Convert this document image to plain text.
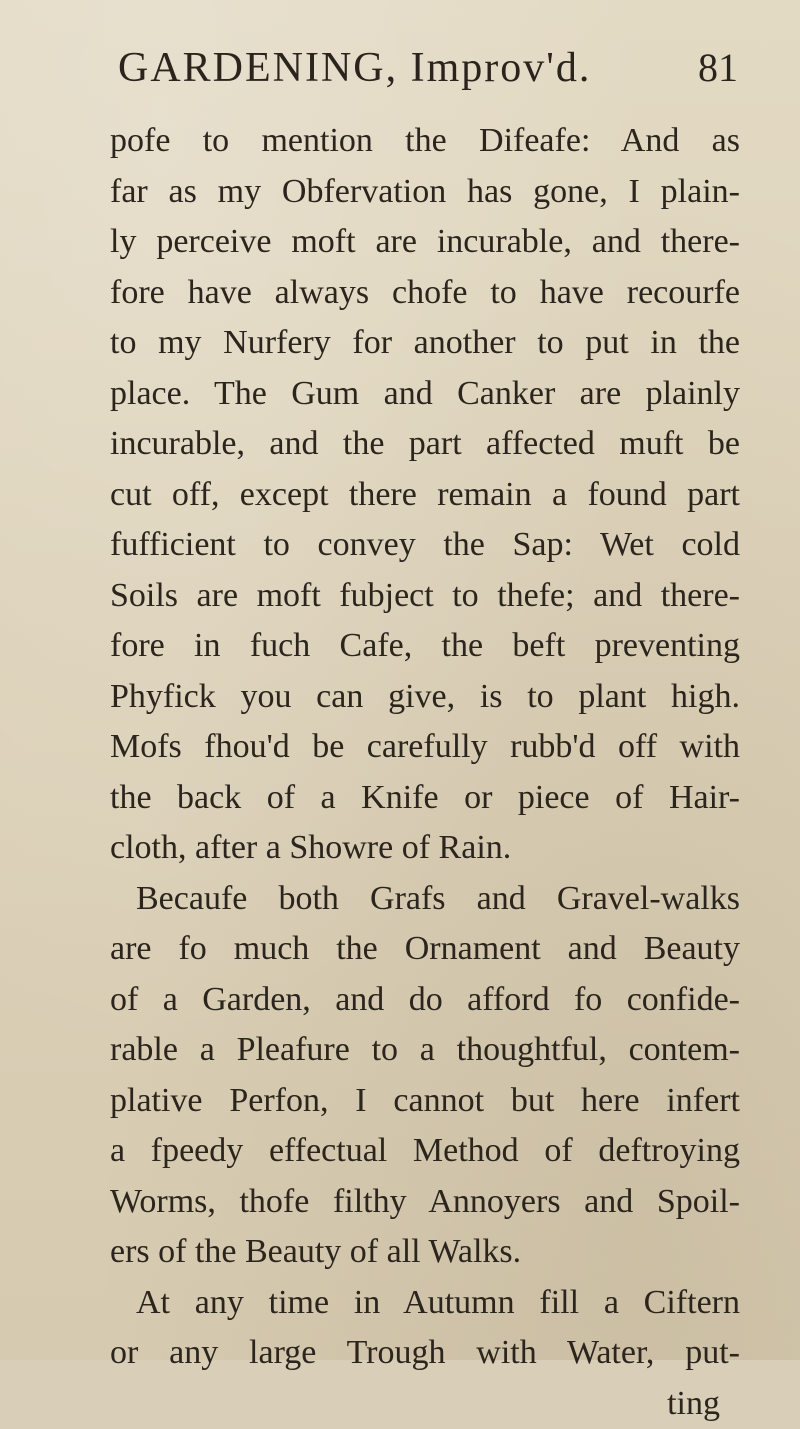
GARDENING, Improv'd.	81
pofe to mention the Difeafe: And as
far as my Obfervation has gone, I plain-
ly perceive moft are incurable, and there-
fore have always chofe to have recourfe
to my Nurfery for another to put in the
place. The Gum and Canker are plainly
incurable, and the part affected muft be
cut off, except there remain a found part
fufficient to convey the Sap: Wet cold
Soils are moft fubject to thefe; and there-
fore in fuch Cafe, the beft preventing
Phyfick you can give, is to plant high.
Mofs fhou'd be carefully rubb'd off with
the back of a Knife or piece of Hair-
cloth, after a Showre of Rain.
Becaufe both Grafs and Gravel-walks
are fo much the Ornament and Beauty
of a Garden, and do afford fo confide-
rable a Pleafure to a thoughtful, contem-
plative Perfon, I cannot but here infert
a fpeedy effectual Method of deftroying
Worms, thofe filthy Annoyers and Spoil-
ers of the Beauty of all Walks.
At any time in Autumn fill a Ciftern
or any large Trough with Water, put-
ting
